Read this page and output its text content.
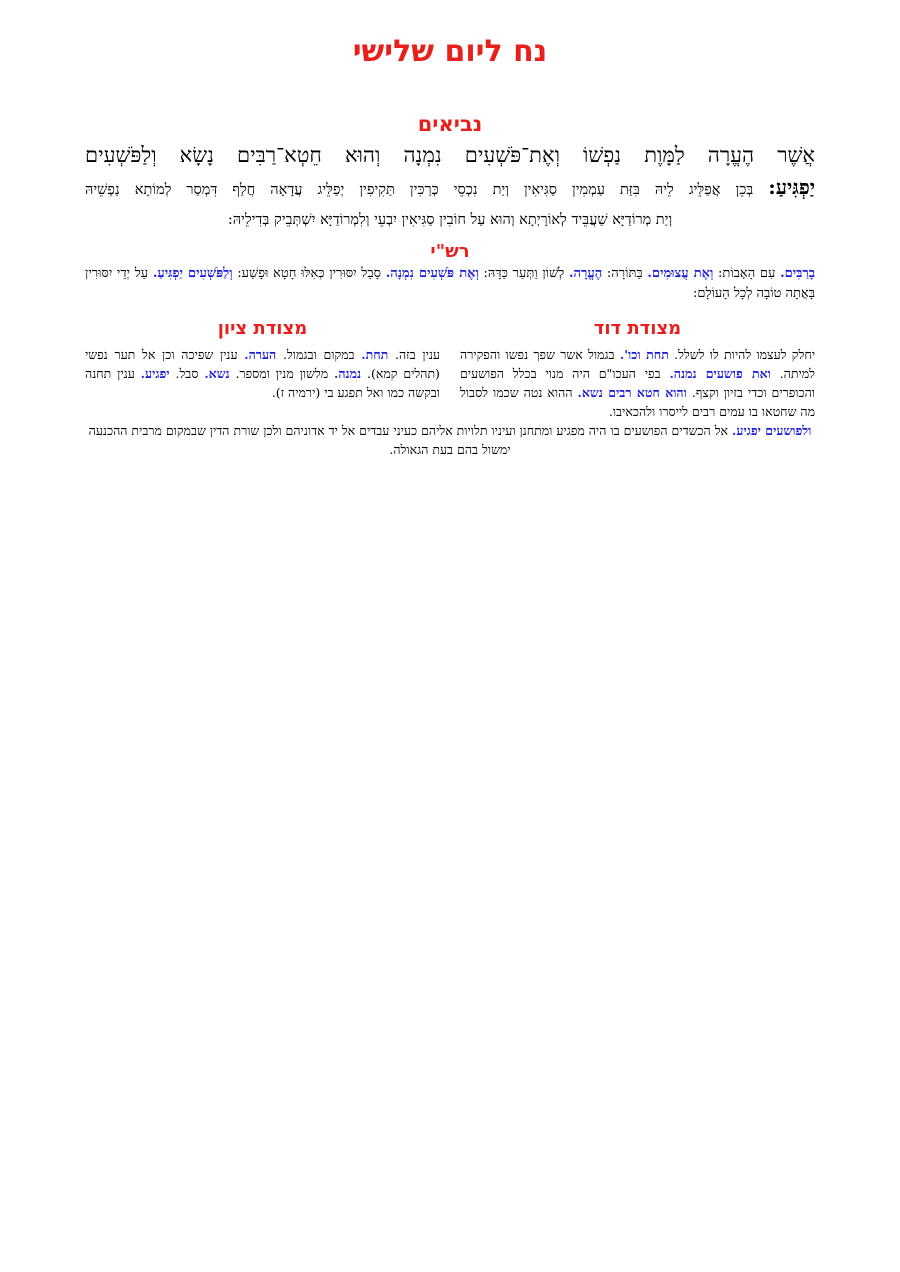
נח ליום שלישי
נביאים
אֲשֶׁר הֶעֱרָה לַמָּוֶת נַפְשׁוֹ וְאֶת־פֹּשְׁעִים נִמְנָה וְהוּא חֵטְא־רַבִּים נָשָׂא וְלַפֹּשְׁעִים
יַפְגִּיעַ: בְּכֵן אֲפַלֵּיג לֵיהּ בִּזַּת עַמְמִין סַגִּיאִין וְיַת נִכְסֵי כְּרַכִּין תַּקִיפִין יְפַלֵּיג עֲדָאָה חֲלַף דִּמְסַר לְמוֹתָא נַפְשֵׁיהּ
וְיַת מְרוֹדַיָּא שַׁעֲבֵּיד לְאוֹרָיְתָא וְהוּא עַל חוֹבִין סַגִּיאִין יִבְעֵי וְלִמְרוֹדַיָּא יִשְׁתְּבֵיק בְּדִילֵיהּ:
רש"י
בָרַבִּים. עִם הָאָבוֹת: וְאֶת עֲצוּמִים. בַּתּוֹרָה: הֶעֱרָה. לְשׁוֹן וַתְּעַר כַּדָּהּ: וְאֶת פֹּשְׁעִים נִמְנָה. סָבַל יִסּוּרִין כְּאִלּוּ חָטָא וּפָשַׁע: וְלַפֹּשְׁעִים יַפְגִּיעַ. עַל יְדֵי יִסּוּרִין בָּאֲתָה טוֹבָה לְכָל הָעוֹלָם:
מצודת דוד
יחלק לעצמו להיות לו לשלל. תחת וכו'. בגמול אשר שפך נפשו והפקירה למיתה. ואת פושעים נמנה. בפי העכו"ם היה מנוי בכלל הפושעים והכופרים וכדי בזיון וקצף. והוא חטא רבים נשא. ההוא נטה שכמו לסבול מה שחטאו בו עמים רבים לייסרו ולהכאיבו.
מצודת ציון
ענין בזה. תחת. במקום ובגמול. הערה. ענין שפיכה וכן אל תער נפשי (תהלים קמא). נמנה. מלשון מנין ומספר. נשא. סבל. יפגיע. ענין תחנה ובקשה כמו ואל תפגע בי (ירמיה ז).
ולפושעים יפגיע. אל הכשדים הפושעים בו היה מפגיע ומתחנן ועיניו תלויות אליהם כעיני עבדים אל יד אדוניהם ולכן שורת הדין שבמקום מרבית ההכנעה ימשול בהם בעת הגאולה.
